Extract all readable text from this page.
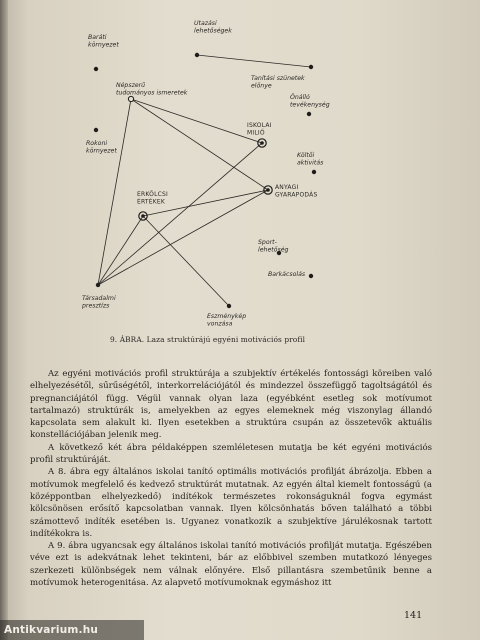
Utazási
lehetőségek
Baráti
környezet
Tanítási szünetek
előnye
Népszerű
tudományos ismeretek
Önálló
tevékenység
ISKOLAI
MILIŐ
Rokoni
környezet
Költői
aktivitás
ERKÖLCSI
ÉRTÉKEK
ANYAGI
GYARAPODÁS
Sport-
lehetőség
Barkácsolás
Társadalmi
presztízs
Eszménykép
vonzása
9. ÁBRA. Laza struktúrájú egyéni motivációs profil

Az egyéni motivációs profil struktúrája a szubjektív értékelés fontossági köreiben való elhelyezésétől, sűrűségétől, interkorrelációjától és mindezzel összefüggő tagoltságától és pregnanciájától függ. Végül vannak olyan laza (egyébként esetleg sok motívumot tartalmazó) struktúrák is, amelyekben az egyes elemeknek még viszonylag állandó kapcsolata sem alakult ki. Ilyen esetekben a struktúra csupán az összetevők aktuális konstellációjában jelenik meg.

A következő két ábra példaképpen szemléletesen mutatja be két egyéni motivációs profil struktúráját.

A 8. ábra egy általános iskolai tanító optimális motivációs profilját ábrázolja. Ebben a motívumok megfelelő és kedvező struktúrát mutatnak. Az egyén által kiemelt fontosságú (a középpontban elhelyezkedő) indítékok természetes rokonságuknál fogva egymást kölcsönösen erősítő kapcsolatban vannak. Ilyen kölcsönhatás bőven található a többi számottevő indíték esetében is. Ugyanez vonatkozik a szubjektíve járulékosnak tartott indítékokra is.

A 9. ábra ugyancsak egy általános iskolai tanító motivációs profilját mutatja. Egészében véve ezt is adekvátnak lehet tekinteni, bár az előbbivel szemben mutatkozó lényeges szerkezeti különbségek nem válnak előnyére. Első pillantásra szembetűnik benne a motívumok heterogenitása. Az alapvető motívumoknak egymáshoz itt

141
Antikvarium.hu
